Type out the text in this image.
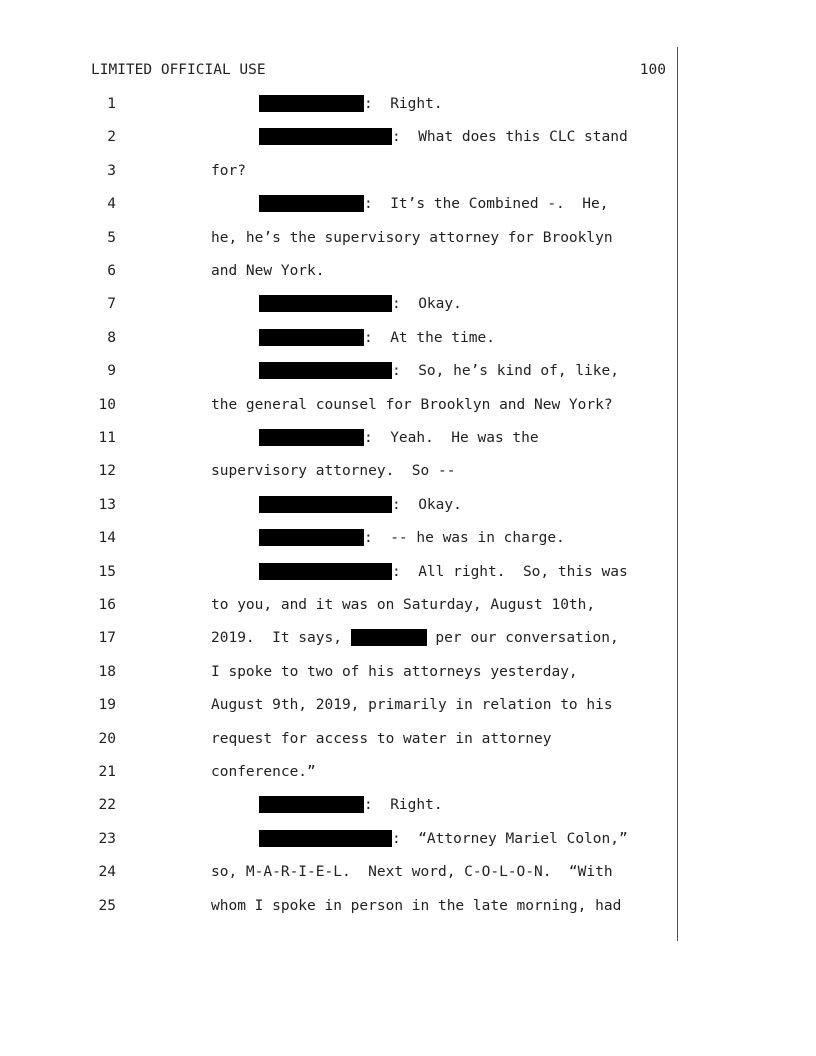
LIMITED OFFICIAL USE	100
1	:  Right.
2	:  What does this CLC stand
3	for?
4	:  It’s the Combined -.  He,
5	he, he’s the supervisory attorney for Brooklyn
6	and New York.
7	:  Okay.
8	:  At the time.
9	:  So, he’s kind of, like,
10	the general counsel for Brooklyn and New York?
11	:  Yeah.  He was the
12	supervisory attorney.  So --
13	:  Okay.
14	:  -- he was in charge.
15	:  All right.  So, this was
16	to you, and it was on Saturday, August 10th,
17	2019.  It says,	per our conversation,
18	I spoke to two of his attorneys yesterday,
19	August 9th, 2019, primarily in relation to his
20	request for access to water in attorney
21	conference.”
22	:  Right.
23	:  “Attorney Mariel Colon,”
24	so, M-A-R-I-E-L.  Next word, C-O-L-O-N.  “With
25	whom I spoke in person in the late morning, had
